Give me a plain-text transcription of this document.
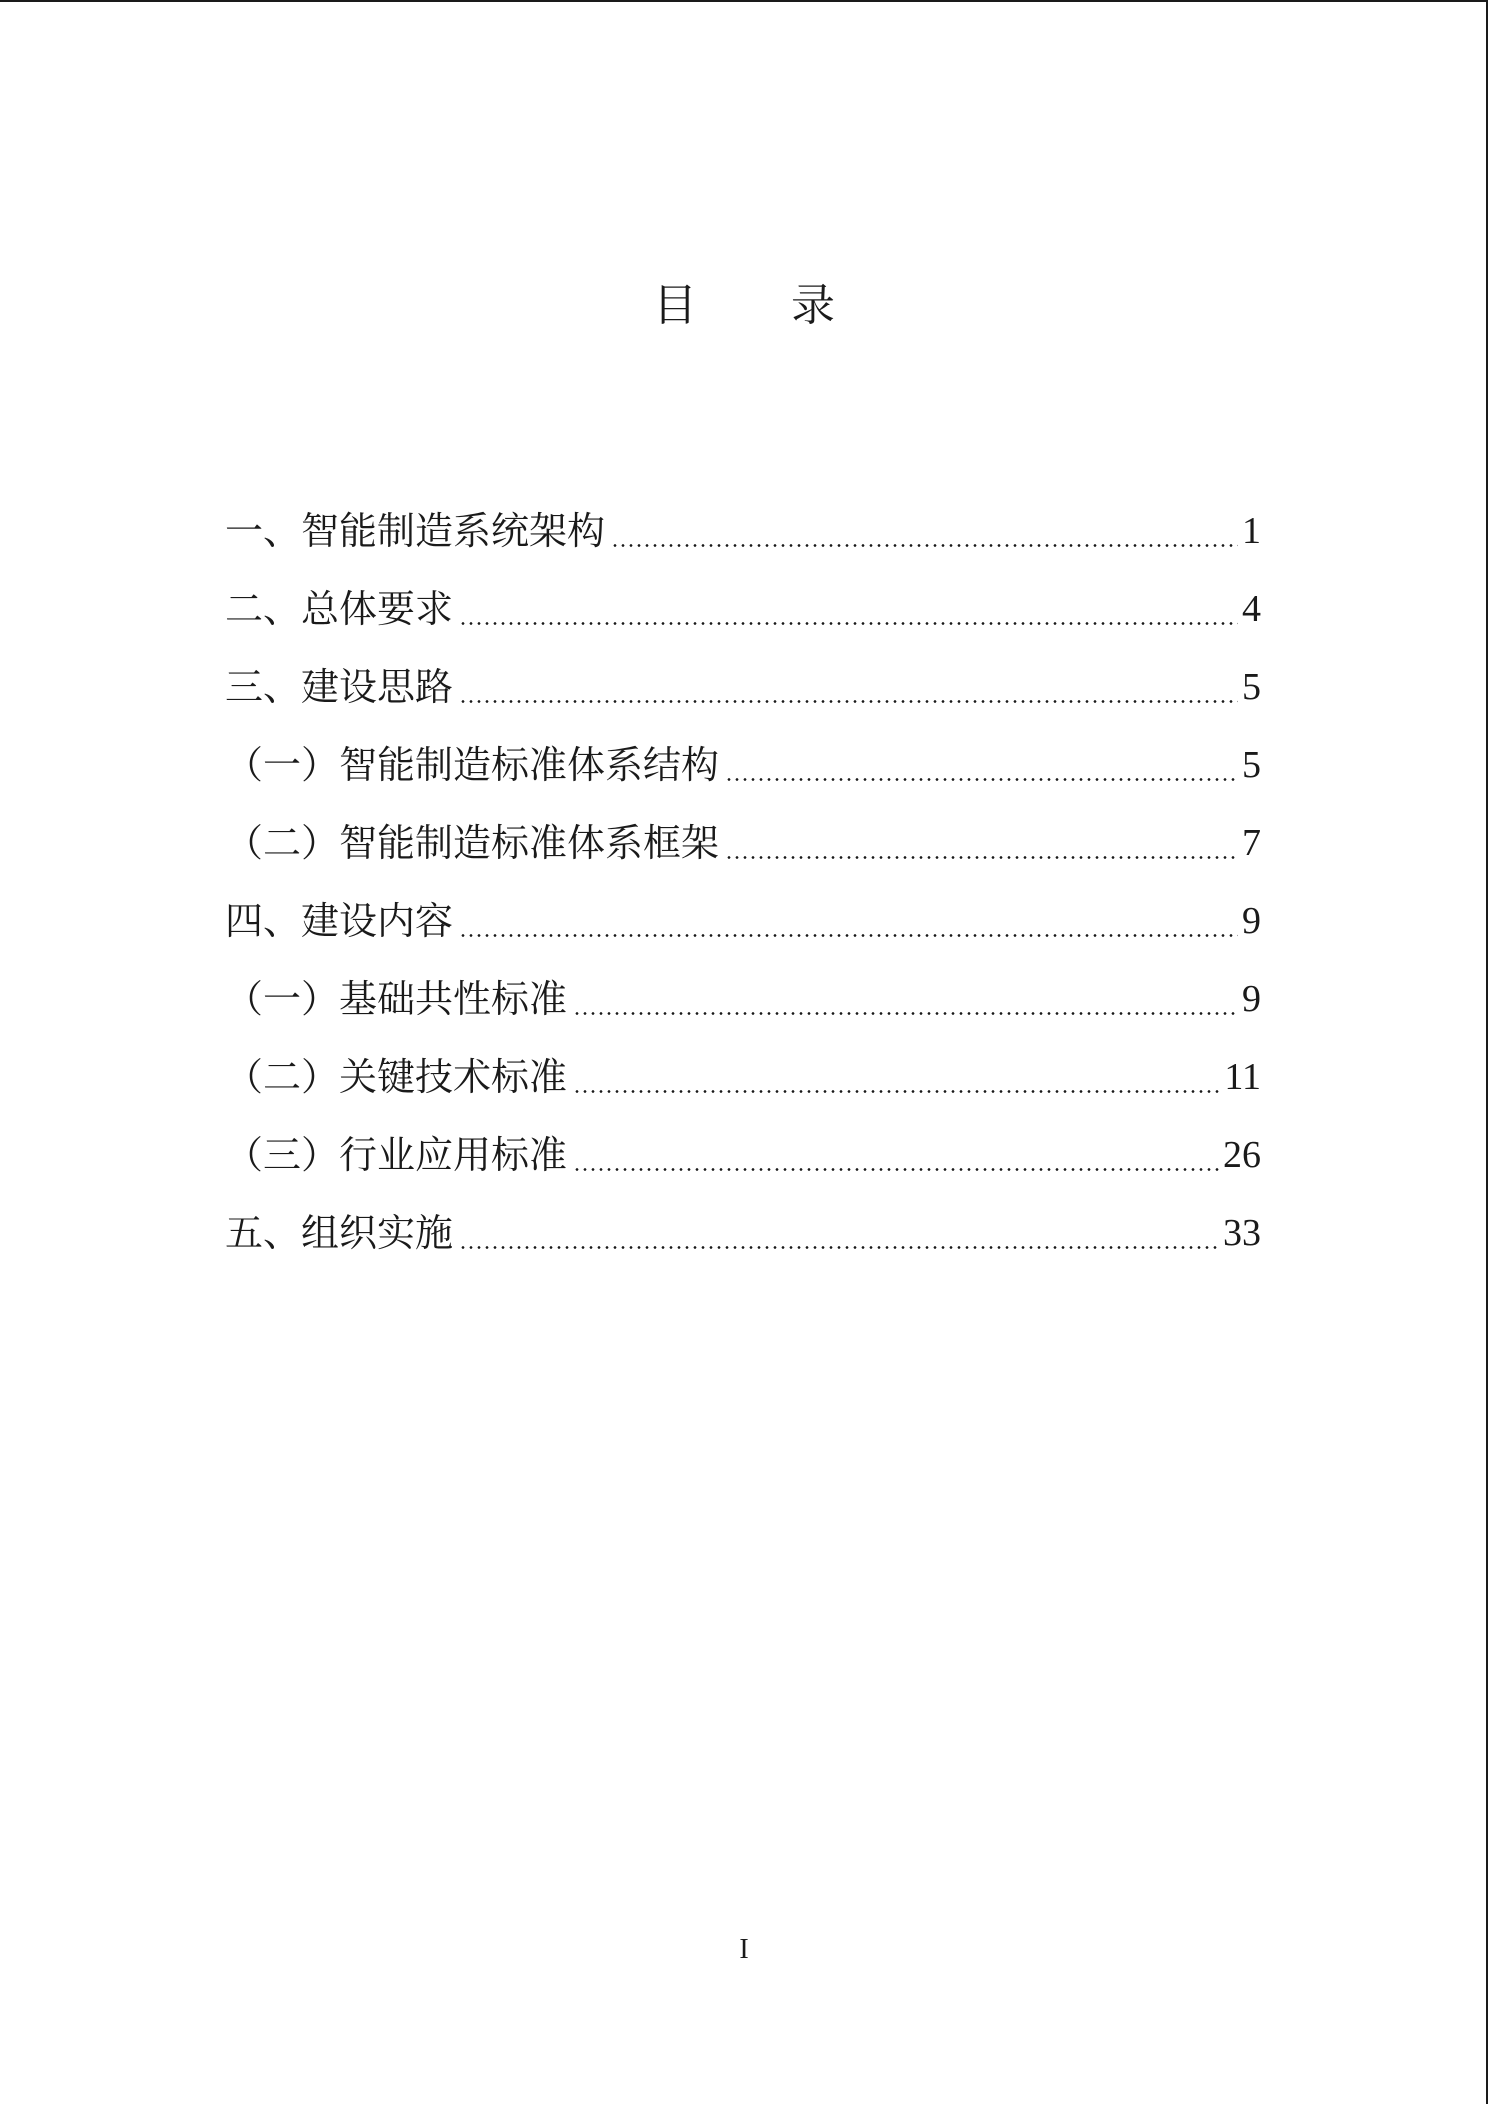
目 录
一、智能制造系统架构	1
二、总体要求	4
三、建设思路	5
（一）智能制造标准体系结构	5
（二）智能制造标准体系框架	7
四、建设内容	9
（一）基础共性标准	9
（二）关键技术标准	11
（三）行业应用标准	26
五、组织实施	33
I
